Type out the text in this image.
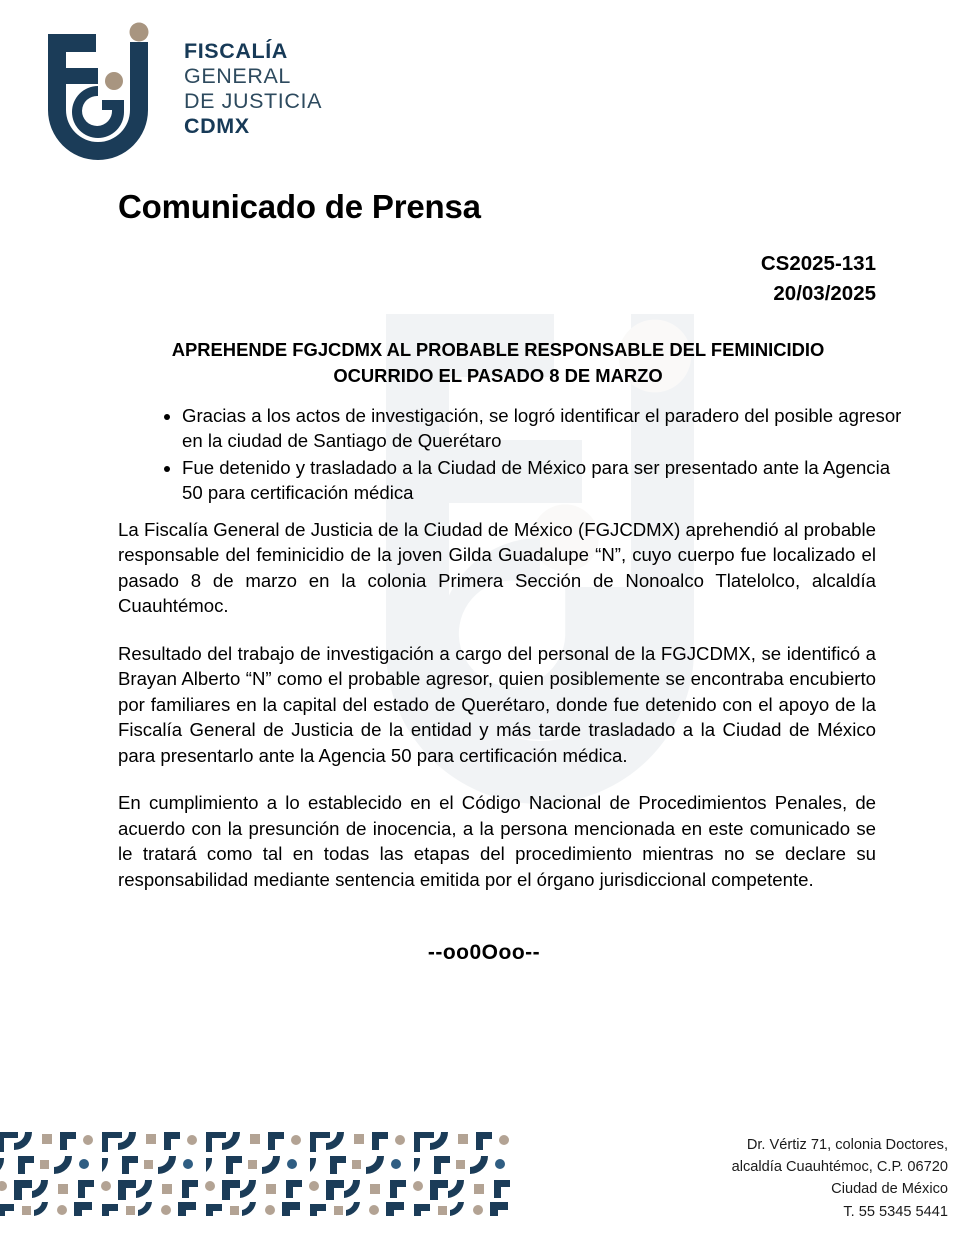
FISCALÍA
GENERAL
DE JUSTICIA
CDMX
Comunicado de Prensa
CS2025-131
20/03/2025
APREHENDE FGJCDMX AL PROBABLE RESPONSABLE DEL FEMINICIDIO OCURRIDO EL PASADO 8 DE MARZO
• Gracias a los actos de investigación, se logró identificar el paradero del posible agresor en la ciudad de Santiago de Querétaro
• Fue detenido y trasladado a la Ciudad de México para ser presentado ante la Agencia 50 para certificación médica

La Fiscalía General de Justicia de la Ciudad de México (FGJCDMX) aprehendió al probable responsable del feminicidio de la joven Gilda Guadalupe “N”, cuyo cuerpo fue localizado el pasado 8 de marzo en la colonia Primera Sección de Nonoalco Tlatelolco, alcaldía Cuauhtémoc.

Resultado del trabajo de investigación a cargo del personal de la FGJCDMX, se identificó a Brayan Alberto “N” como el probable agresor, quien posiblemente se encontraba encubierto por familiares en la capital del estado de Querétaro, donde fue detenido con el apoyo de la Fiscalía General de Justicia de la entidad y más tarde trasladado a la Ciudad de México para presentarlo ante la Agencia 50 para certificación médica.

En cumplimiento a lo establecido en el Código Nacional de Procedimientos Penales, de acuerdo con la presunción de inocencia, a la persona mencionada en este comunicado se le tratará como tal en todas las etapas del procedimiento mientras no se declare su responsabilidad mediante sentencia emitida por el órgano jurisdiccional competente.

--oo0Ooo--
Dr. Vértiz 71, colonia Doctores,
alcaldía Cuauhtémoc, C.P. 06720
Ciudad de México
T. 55 5345 5441
